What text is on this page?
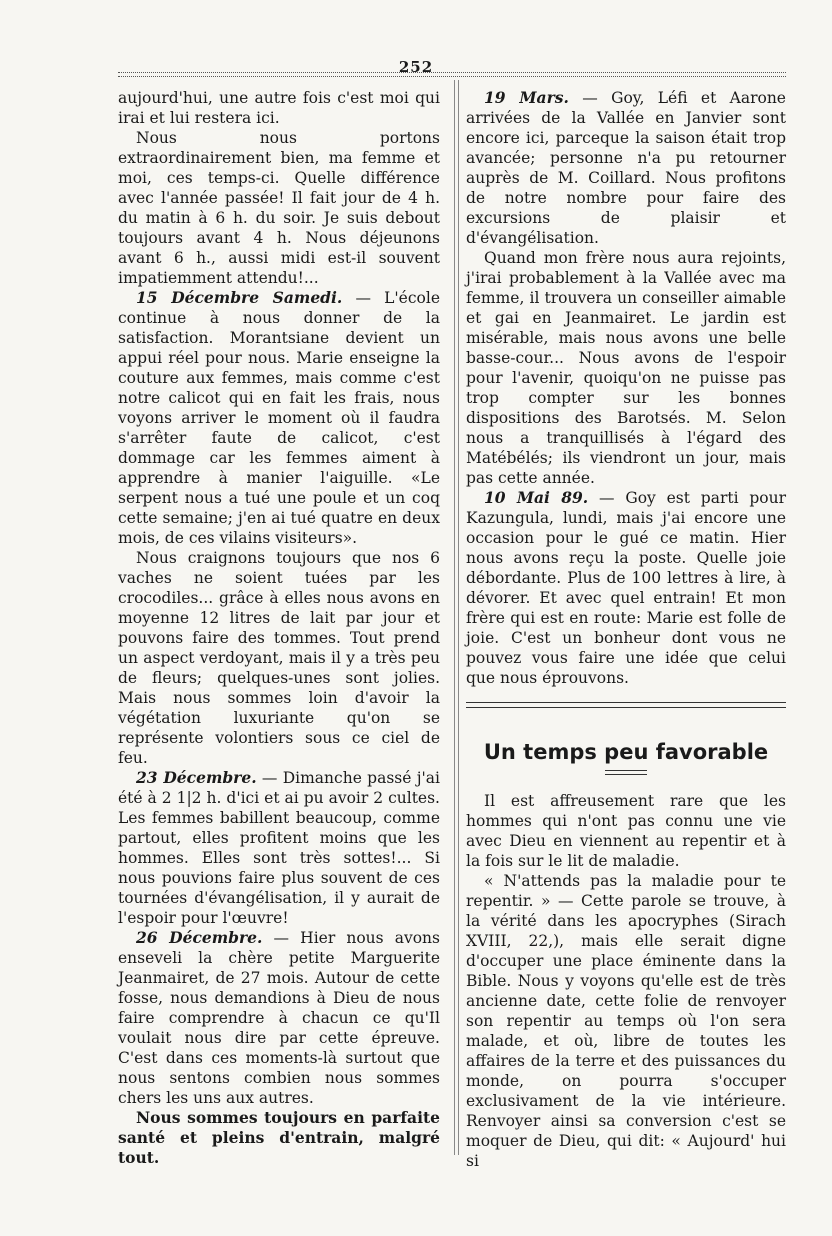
252

aujourd'hui, une autre fois c'est moi qui irai et lui restera ici.

Nous nous portons extraordinairement bien, ma femme et moi, ces temps-ci. Quelle différence avec l'année passée! Il fait jour de 4 h. du matin à 6 h. du soir. Je suis debout toujours avant 4 h. Nous déjeunons avant 6 h., aussi midi est-il souvent impatiemment attendu!...

15 Décembre Samedi. — L'école continue à nous donner de la satisfaction. Morantsiane devient un appui réel pour nous. Marie enseigne la couture aux femmes, mais comme c'est notre calicot qui en fait les frais, nous voyons arriver le moment où il faudra s'arrêter faute de calicot, c'est dommage car les femmes aiment à apprendre à manier l'aiguille. «Le serpent nous a tué une poule et un coq cette semaine; j'en ai tué quatre en deux mois, de ces vilains visiteurs».

Nous craignons toujours que nos 6 vaches ne soient tuées par les crocodiles... grâce à elles nous avons en moyenne 12 litres de lait par jour et pouvons faire des tommes. Tout prend un aspect verdoyant, mais il y a très peu de fleurs; quelques-unes sont jolies. Mais nous sommes loin d'avoir la végétation luxuriante qu'on se représente volontiers sous ce ciel de feu.

23 Décembre. — Dimanche passé j'ai été à 2 1|2 h. d'ici et ai pu avoir 2 cultes. Les femmes babillent beaucoup, comme partout, elles profitent moins que les hommes. Elles sont très sottes!... Si nous pouvions faire plus souvent de ces tournées d'évangélisation, il y aurait de l'espoir pour l'œuvre!

26 Décembre. — Hier nous avons enseveli la chère petite Marguerite Jeanmairet, de 27 mois. Autour de cette fosse, nous demandions à Dieu de nous faire comprendre à chacun ce qu'Il voulait nous dire par cette épreuve. C'est dans ces moments-là surtout que nous sentons combien nous sommes chers les uns aux autres.

Nous sommes toujours en parfaite santé et pleins d'entrain, malgré tout.

19 Mars. — Goy, Léfi et Aarone arrivées de la Vallée en Janvier sont encore ici, parceque la saison était trop avancée; personne n'a pu retourner auprès de M. Coillard. Nous profitons de notre nombre pour faire des excursions de plaisir et d'évangélisation.

Quand mon frère nous aura rejoints, j'irai probablement à la Vallée avec ma femme, il trouvera un conseiller aimable et gai en Jeanmairet. Le jardin est misérable, mais nous avons une belle basse-cour... Nous avons de l'espoir pour l'avenir, quoiqu'on ne puisse pas trop compter sur les bonnes dispositions des Barotsés. M. Selon nous a tranquillisés à l'égard des Matébélés; ils viendront un jour, mais pas cette année.

10 Mai 89. — Goy est parti pour Kazungula, lundi, mais j'ai encore une occasion pour le gué ce matin. Hier nous avons reçu la poste. Quelle joie débordante. Plus de 100 lettres à lire, à dévorer. Et avec quel entrain! Et mon frère qui est en route: Marie est folle de joie. C'est un bonheur dont vous ne pouvez vous faire une idée que celui que nous éprouvons.

Un temps peu favorable

Il est affreusement rare que les hommes qui n'ont pas connu une vie avec Dieu en viennent au repentir et à la fois sur le lit de maladie.

« N'attends pas la maladie pour te repentir. » — Cette parole se trouve, à la vérité dans les apocryphes (Sirach XVIII, 22,), mais elle serait digne d'occuper une place éminente dans la Bible. Nous y voyons qu'elle est de très ancienne date, cette folie de renvoyer son repentir au temps où l'on sera malade, et où, libre de toutes les affaires de la terre et des puissances du monde, on pourra s'occuper exclusivament de la vie intérieure. Renvoyer ainsi sa conversion c'est se moquer de Dieu, qui dit: « Aujourd' hui si
